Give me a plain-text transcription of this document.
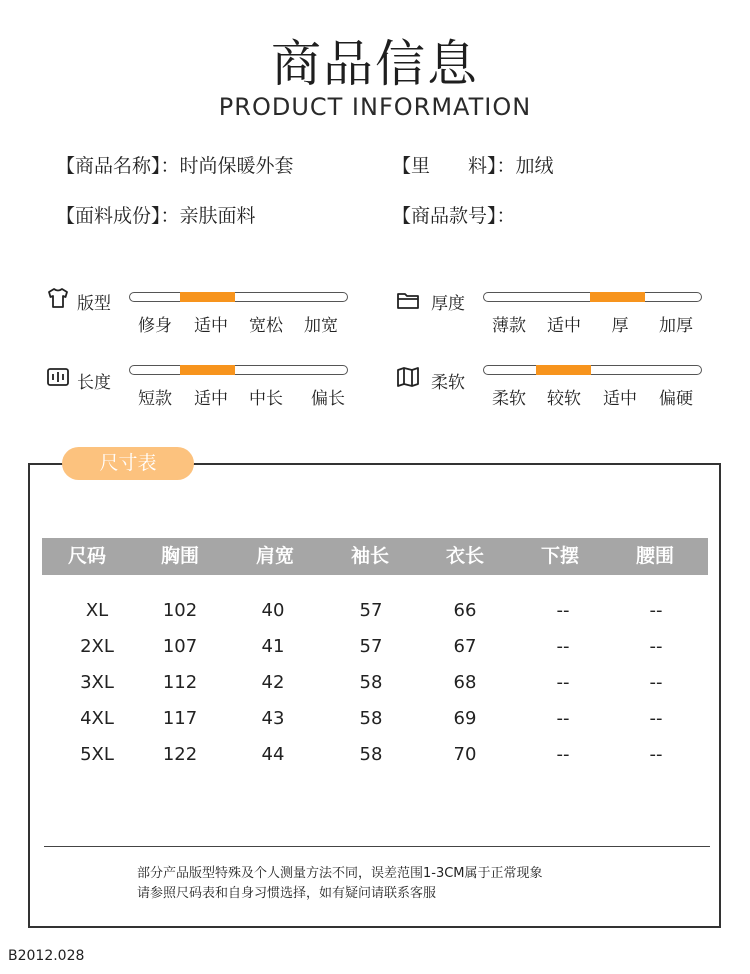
商品信息
PRODUCT INFORMATION
【商品名称】：时尚保暖外套	【里　　料】：加绒
【面料成份】：亲肤面料	【商品款号】：
版型
修身 适中 宽松 加宽
厚度
薄款 适中 厚 加厚
长度
短款 适中 中长 偏长
柔软
柔软 较软 适中 偏硬
尺寸表
尺码	胸围	肩宽	袖长	衣长	下摆	腰围
XL	102	40	57	66	--	--
2XL	107	41	57	67	--	--
3XL	112	42	58	68	--	--
4XL	117	43	58	69	--	--
5XL	122	44	58	70	--	--
部分产品版型特殊及个人测量方法不同，误差范围1-3CM属于正常现象
请参照尺码表和自身习惯选择，如有疑问请联系客服
B2012.028
